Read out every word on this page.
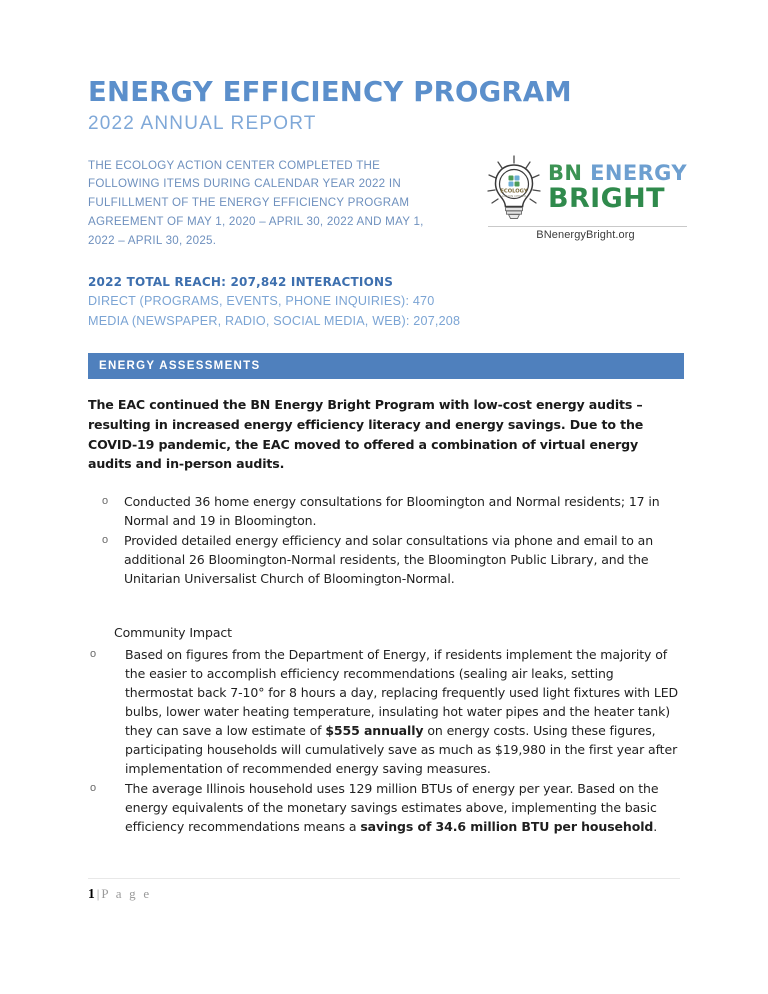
ENERGY EFFICIENCY PROGRAM
2022 ANNUAL REPORT
THE ECOLOGY ACTION CENTER COMPLETED THE
FOLLOWING ITEMS DURING CALENDAR YEAR 2022 IN
FULFILLMENT OF THE ENERGY EFFICIENCY PROGRAM
AGREEMENT OF MAY 1, 2020 – APRIL 30, 2022 AND MAY 1,
2022 – APRIL 30, 2025.
ECOLOGY
ACTION CENTER
BN ENERGY
BRIGHT
BNenergyBright.org
2022 TOTAL REACH: 207,842 INTERACTIONS
DIRECT (PROGRAMS, EVENTS, PHONE INQUIRIES): 470
MEDIA (NEWSPAPER, RADIO, SOCIAL MEDIA, WEB): 207,208
ENERGY ASSESSMENTS

The EAC continued the BN Energy Bright Program with low-cost energy audits – resulting in increased energy efficiency literacy and energy savings. Due to the COVID-19 pandemic, the EAC moved to offered a combination of virtual energy audits and in-person audits.

o	Conducted 36 home energy consultations for Bloomington and Normal residents; 17 in Normal and 19 in Bloomington.
o	Provided detailed energy efficiency and solar consultations via phone and email to an additional 26 Bloomington-Normal residents, the Bloomington Public Library, and the Unitarian Universalist Church of Bloomington-Normal.
Community Impact
o	Based on figures from the Department of Energy, if residents implement the majority of the easier to accomplish efficiency recommendations (sealing air leaks, setting thermostat back 7-10° for 8 hours a day, replacing frequently used light fixtures with LED bulbs, lower water heating temperature, insulating hot water pipes and the heater tank) they can save a low estimate of $555 annually on energy costs. Using these figures, participating households will cumulatively save as much as $19,980 in the first year after implementation of recommended energy saving measures.
o	The average Illinois household uses 129 million BTUs of energy per year. Based on the energy equivalents of the monetary savings estimates above, implementing the basic efficiency recommendations means a savings of 34.6 million BTU per household.
1 | P a g e
